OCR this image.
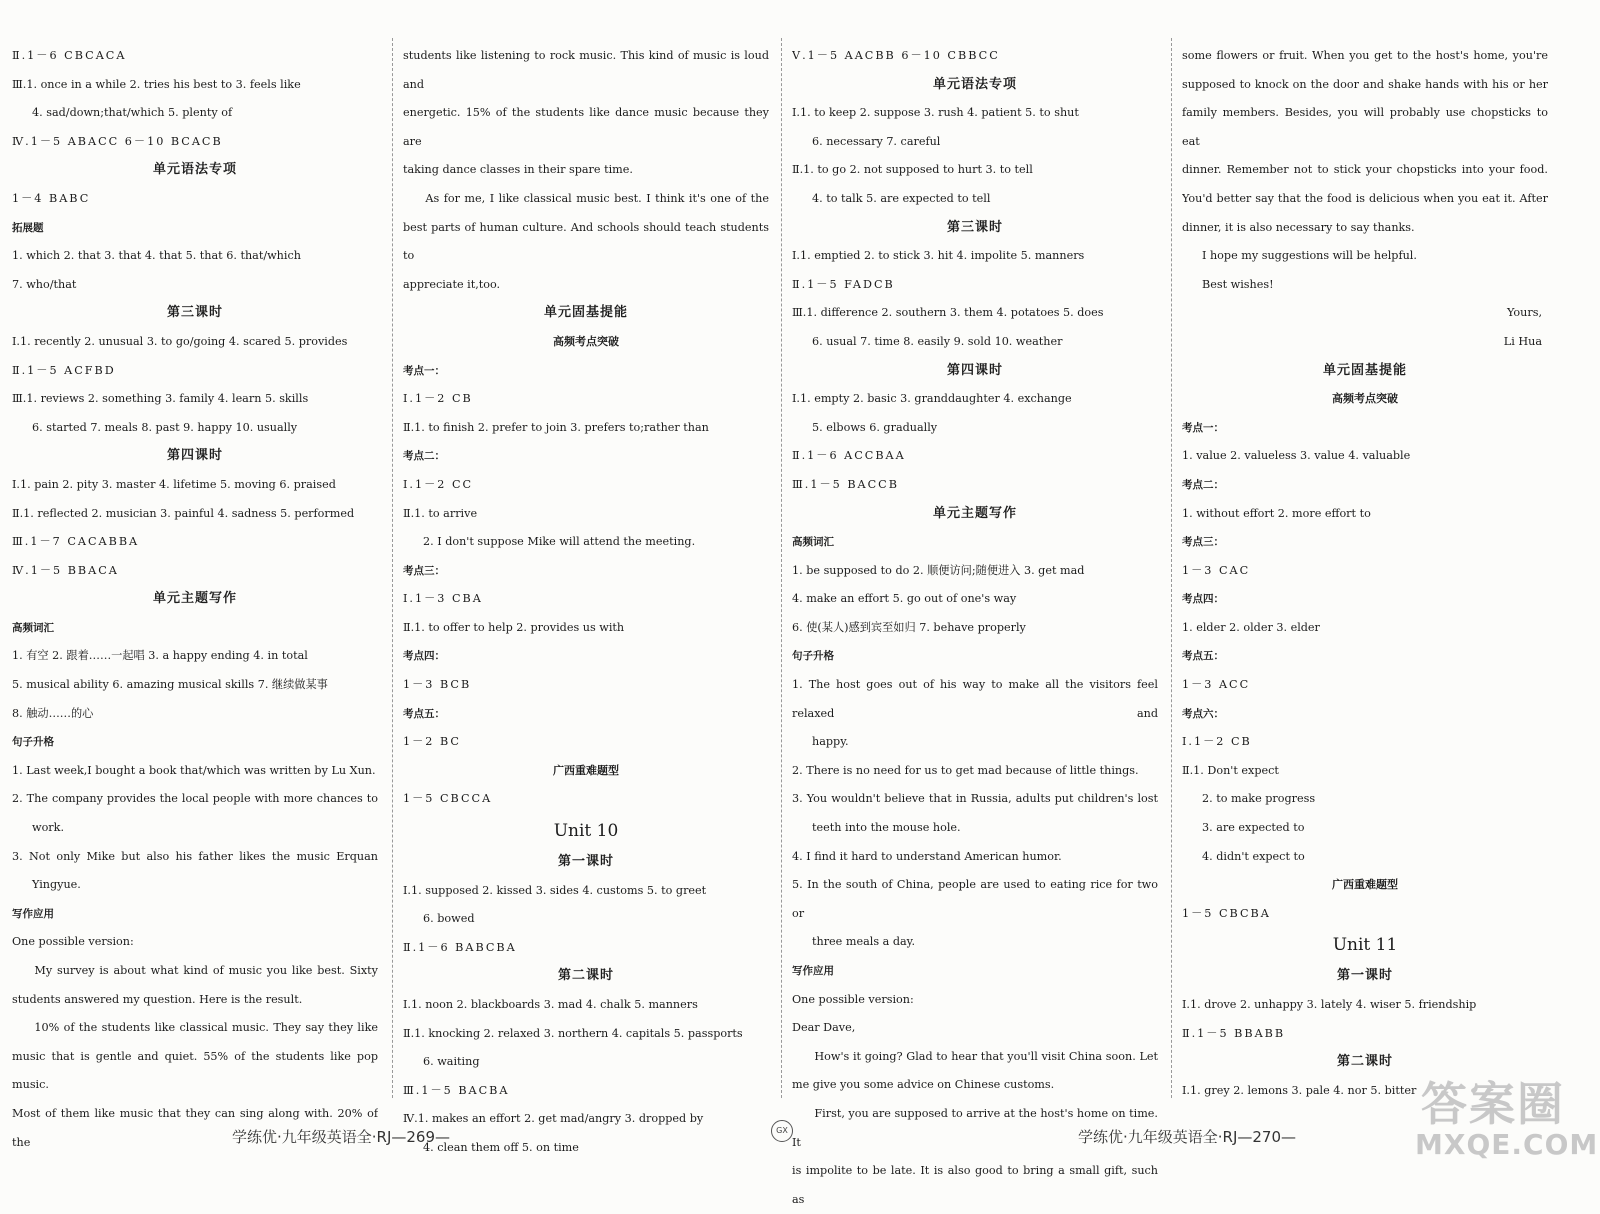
Ⅱ.1－6 CBCACA
Ⅲ.1. once in a while 2. tries his best to 3. feels like
4. sad/down;that/which 5. plenty of
Ⅳ.1－5 ABACC 6－10 BCACB
单元语法专项
1－4 BABC
拓展题
1. which 2. that 3. that 4. that 5. that 6. that/which
7. who/that
第三课时
Ⅰ.1. recently 2. unusual 3. to go/going 4. scared 5. provides
Ⅱ.1－5 ACFBD
Ⅲ.1. reviews 2. something 3. family 4. learn 5. skills
6. started 7. meals 8. past 9. happy 10. usually
第四课时
Ⅰ.1. pain 2. pity 3. master 4. lifetime 5. moving 6. praised
Ⅱ.1. reflected 2. musician 3. painful 4. sadness 5. performed
Ⅲ.1－7 CACABBA
Ⅳ.1－5 BBACA
单元主题写作
高频词汇
1. 有空 2. 跟着……一起唱 3. a happy ending 4. in total
5. musical ability 6. amazing musical skills 7. 继续做某事
8. 触动……的心
句子升格
1. Last week,I bought a book that/which was written by Lu Xun.
2. The company provides the local people with more chances to
work.
3. Not only Mike but also his father likes the music Erquan
Yingyue.
写作应用
One possible version:
My survey is about what kind of music you like best. Sixty
students answered my question. Here is the result.
10% of the students like classical music. They say they like
music that is gentle and quiet. 55% of the students like pop music.
Most of them like music that they can sing along with. 20% of the
students like listening to rock music. This kind of music is loud and
energetic. 15% of the students like dance music because they are
taking dance classes in their spare time.
As for me, I like classical music best. I think it's one of the
best parts of human culture. And schools should teach students to
appreciate it,too.
单元固基提能
高频考点突破
考点一：
Ⅰ.1－2 CB
Ⅱ.1. to finish 2. prefer to join 3. prefers to;rather than
考点二：
Ⅰ.1－2 CC
Ⅱ.1. to arrive
2. I don't suppose Mike will attend the meeting.
考点三：
Ⅰ.1－3 CBA
Ⅱ.1. to offer to help 2. provides us with
考点四：
1－3 BCB
考点五：
1－2 BC
广西重难题型
1－5 CBCCA
Unit 10
第一课时
Ⅰ.1. supposed 2. kissed 3. sides 4. customs 5. to greet
6. bowed
Ⅱ.1－6 BABCBA
第二课时
Ⅰ.1. noon 2. blackboards 3. mad 4. chalk 5. manners
Ⅱ.1. knocking 2. relaxed 3. northern 4. capitals 5. passports
6. waiting
Ⅲ.1－5 BACBA
Ⅳ.1. makes an effort 2. get mad/angry 3. dropped by
4. clean them off 5. on time
Ⅴ.1－5 AACBB 6－10 CBBCC
单元语法专项
Ⅰ.1. to keep 2. suppose 3. rush 4. patient 5. to shut
6. necessary 7. careful
Ⅱ.1. to go 2. not supposed to hurt 3. to tell
4. to talk 5. are expected to tell
第三课时
Ⅰ.1. emptied 2. to stick 3. hit 4. impolite 5. manners
Ⅱ.1－5 FADCB
Ⅲ.1. difference 2. southern 3. them 4. potatoes 5. does
6. usual 7. time 8. easily 9. sold 10. weather
第四课时
Ⅰ.1. empty 2. basic 3. granddaughter 4. exchange
5. elbows 6. gradually
Ⅱ.1－6 ACCBAA
Ⅲ.1－5 BACCB
单元主题写作
高频词汇
1. be supposed to do 2. 顺便访问;随便进入 3. get mad
4. make an effort 5. go out of one's way
6. 使(某人)感到宾至如归 7. behave properly
句子升格
1. The host goes out of his way to make all the visitors feel relaxed and
happy.
2. There is no need for us to get mad because of little things.
3. You wouldn't believe that in Russia, adults put children's lost
teeth into the mouse hole.
4. I find it hard to understand American humor.
5. In the south of China, people are used to eating rice for two or
three meals a day.
写作应用
One possible version:
Dear Dave,
How's it going? Glad to hear that you'll visit China soon. Let
me give you some advice on Chinese customs.
First, you are supposed to arrive at the host's home on time. It
is impolite to be late. It is also good to bring a small gift, such as
some flowers or fruit. When you get to the host's home, you're
supposed to knock on the door and shake hands with his or her
family members. Besides, you will probably use chopsticks to eat
dinner. Remember not to stick your chopsticks into your food.
You'd better say that the food is delicious when you eat it. After
dinner, it is also necessary to say thanks.
I hope my suggestions will be helpful.
Best wishes!
Yours,
Li Hua
单元固基提能
高频考点突破
考点一：
1. value 2. valueless 3. value 4. valuable
考点二：
1. without effort 2. more effort to
考点三：
1－3 CAC
考点四：
1. elder 2. older 3. elder
考点五：
1－3 ACC
考点六：
Ⅰ.1－2 CB
Ⅱ.1. Don't expect
2. to make progress
3. are expected to
4. didn't expect to
广西重难题型
1－5 CBCBA
Unit 11
第一课时
Ⅰ.1. drove 2. unhappy 3. lately 4. wiser 5. friendship
Ⅱ.1－5 BBABB
第二课时
Ⅰ.1. grey 2. lemons 3. pale 4. nor 5. bitter
学练优·九年级英语全·RJ—269—	GX	学练优·九年级英语全·RJ—270—
答案圈
MXQE.COM
